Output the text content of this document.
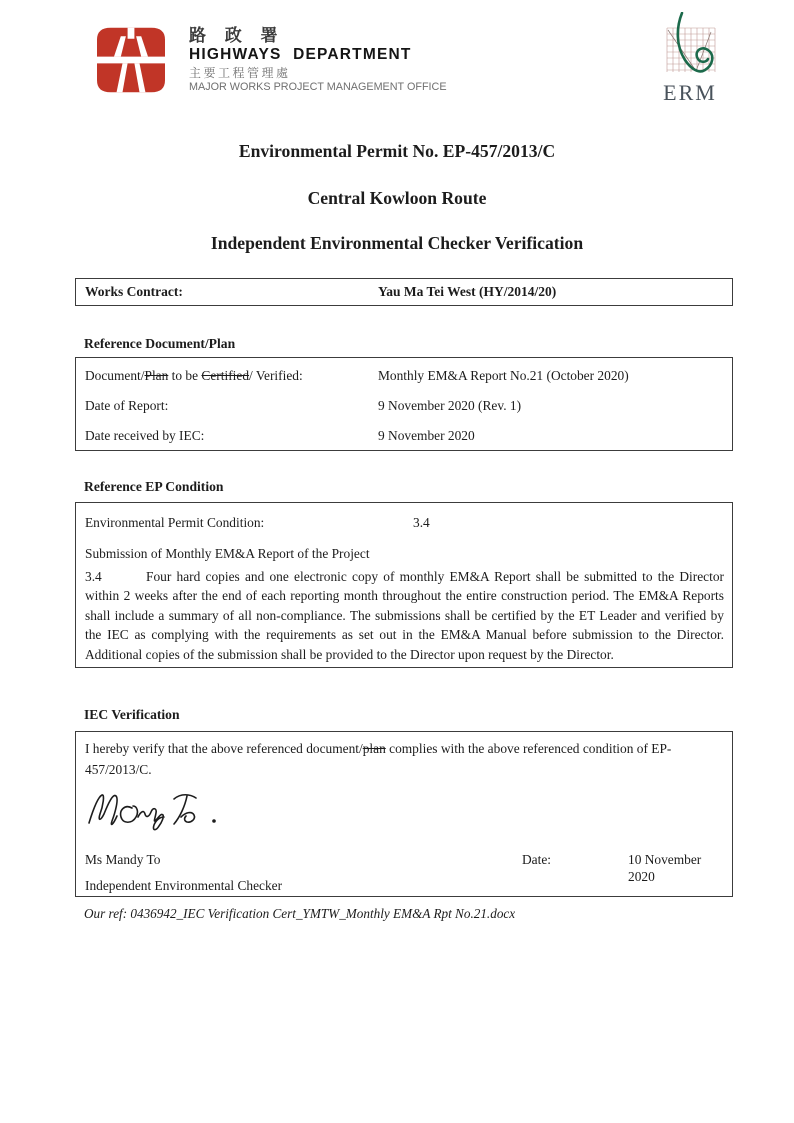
路 政 署
HIGHWAYS DEPARTMENT
主要工程管理處
MAJOR WORKS PROJECT MANAGEMENT OFFICE	ERM
Environmental Permit No. EP-457/2013/C
Central Kowloon Route
Independent Environmental Checker Verification
Works Contract:	Yau Ma Tei West (HY/2014/20)
Reference Document/Plan
Document/Plan to be Certified/ Verified:	Monthly EM&A Report No.21 (October 2020)
Date of Report:	9 November 2020 (Rev. 1)
Date received by IEC:	9 November 2020
Reference EP Condition
Environmental Permit Condition:	3.4
Submission of Monthly EM&A Report of the Project
3.4	Four hard copies and one electronic copy of monthly EM&A Report shall be submitted to the Director within 2 weeks after the end of each reporting month throughout the entire construction period. The EM&A Reports shall include a summary of all non-compliance. The submissions shall be certified by the ET Leader and verified by the IEC as complying with the requirements as set out in the EM&A Manual before submission to the Director. Additional copies of the submission shall be provided to the Director upon request by the Director.
IEC Verification
I hereby verify that the above referenced document/plan complies with the above referenced condition of EP-457/2013/C.
Ms Mandy To	Date:	10 November 2020
Independent Environmental Checker
Our ref: 0436942_IEC Verification Cert_YMTW_Monthly EM&A Rpt No.21.docx
